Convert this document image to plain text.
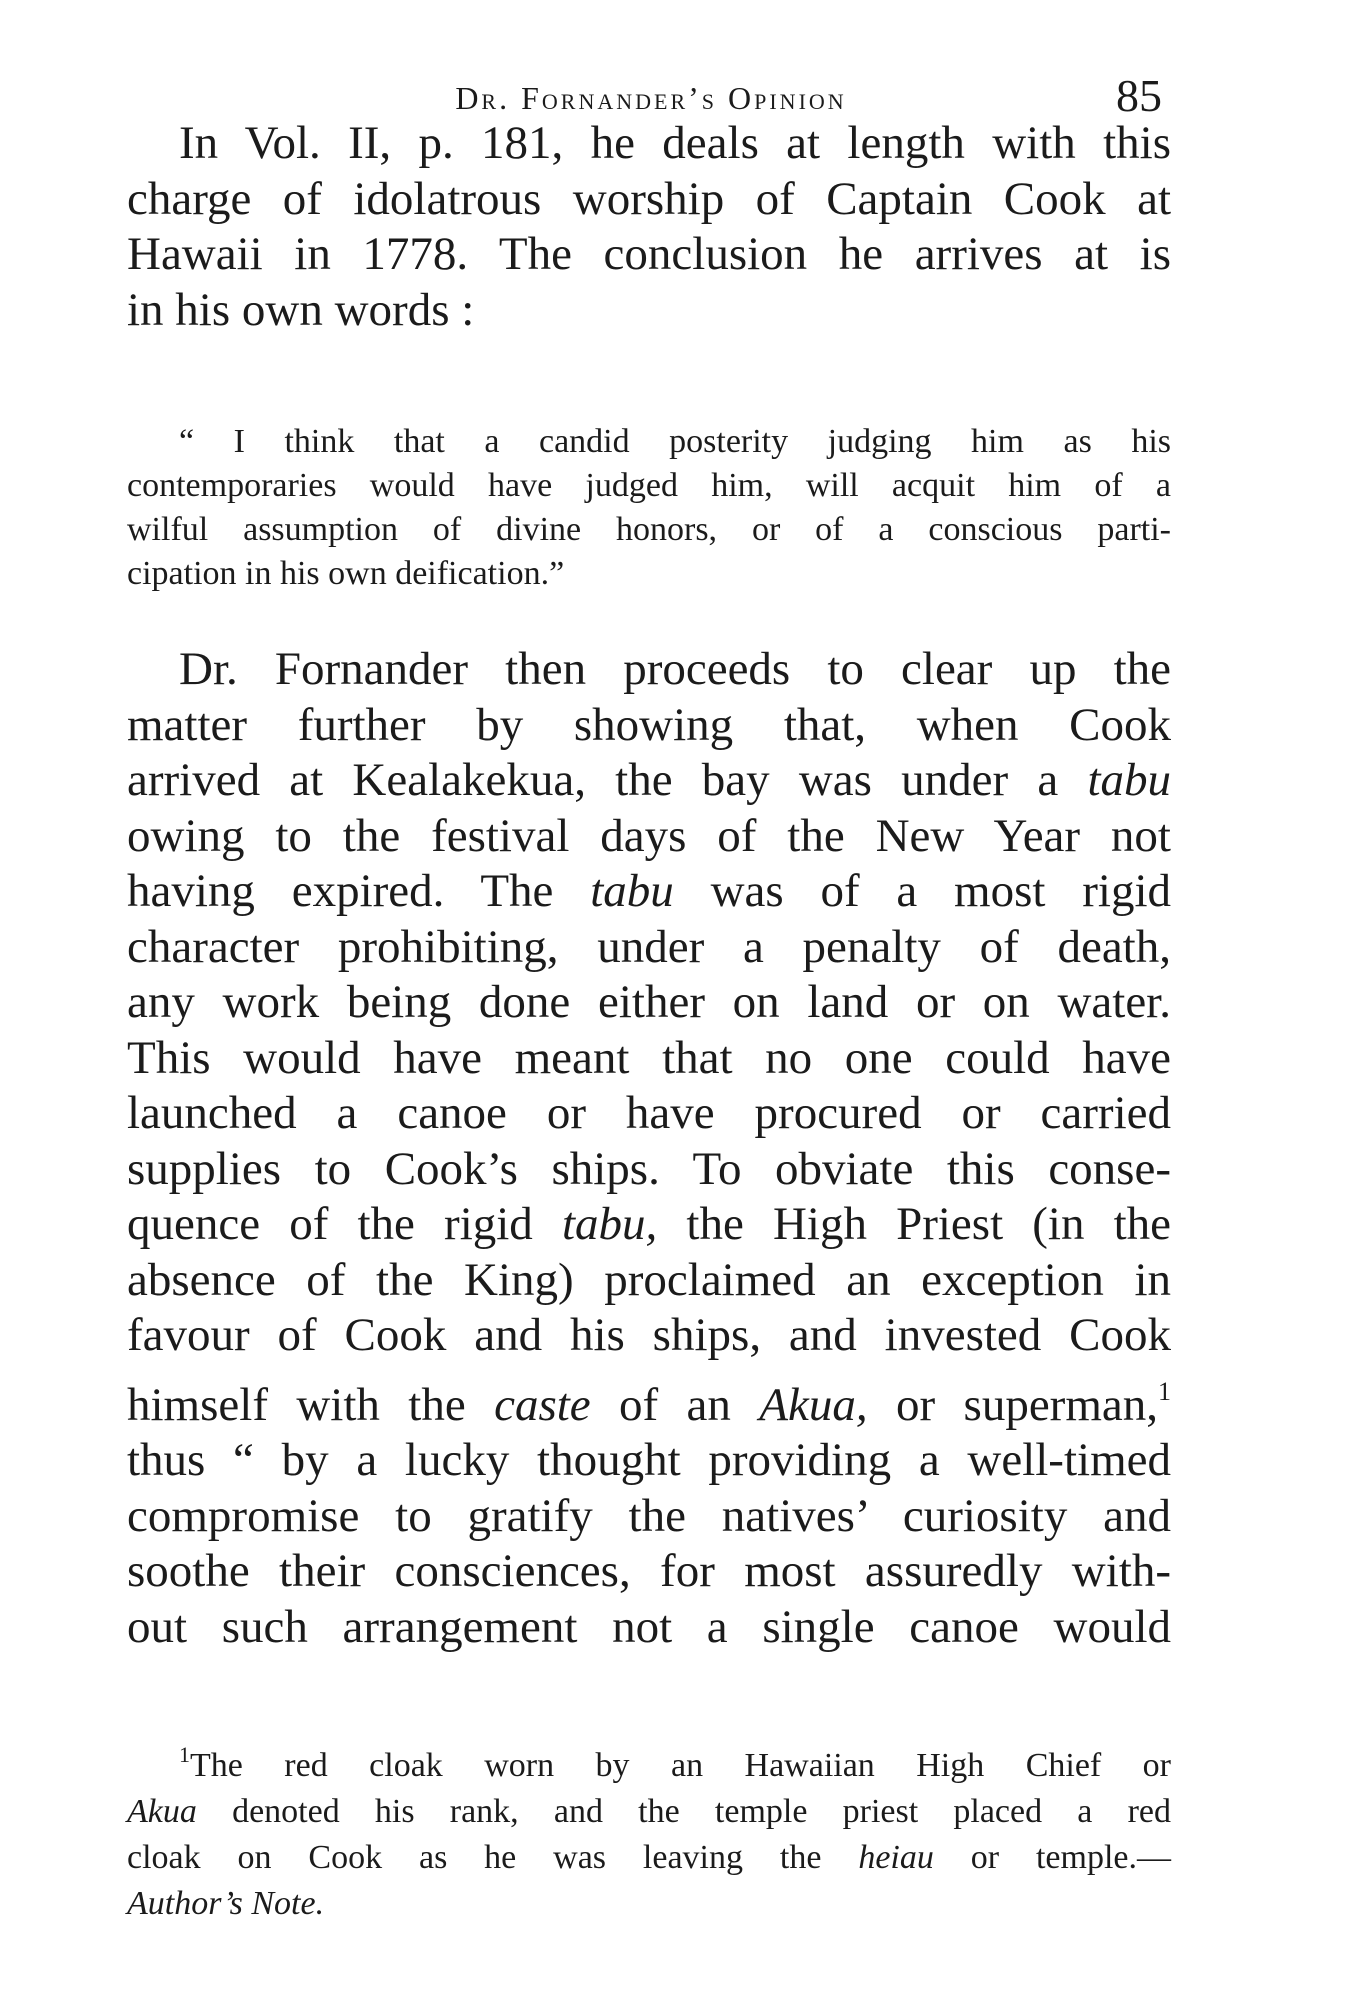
Dr. Fornander’s Opinion	85

In Vol. II, p. 181, he deals at length with this
charge of idolatrous worship of Captain Cook at
Hawaii in 1778. The conclusion he arrives at is
in his own words :

“ I think that a candid posterity judging him as his
contemporaries would have judged him, will acquit him of a
wilful assumption of divine honors, or of a conscious parti-
cipation in his own deification.”

Dr. Fornander then proceeds to clear up the
matter further by showing that, when Cook
arrived at Kealakekua, the bay was under a tabu
owing to the festival days of the New Year not
having expired. The tabu was of a most rigid
character prohibiting, under a penalty of death,
any work being done either on land or on water.
This would have meant that no one could have
launched a canoe or have procured or carried
supplies to Cook’s ships. To obviate this conse-
quence of the rigid tabu, the High Priest (in the
absence of the King) proclaimed an exception in
favour of Cook and his ships, and invested Cook
himself with the caste of an Akua, or superman,$^1$
thus “ by a lucky thought providing a well-timed
compromise to gratify the natives’ curiosity and
soothe their consciences, for most assuredly with-
out such arrangement not a single canoe would

$^1$The red cloak worn by an Hawaiian High Chief or
Akua denoted his rank, and the temple priest placed a red
cloak on Cook as he was leaving the heiau or temple.—
Author’s Note.
